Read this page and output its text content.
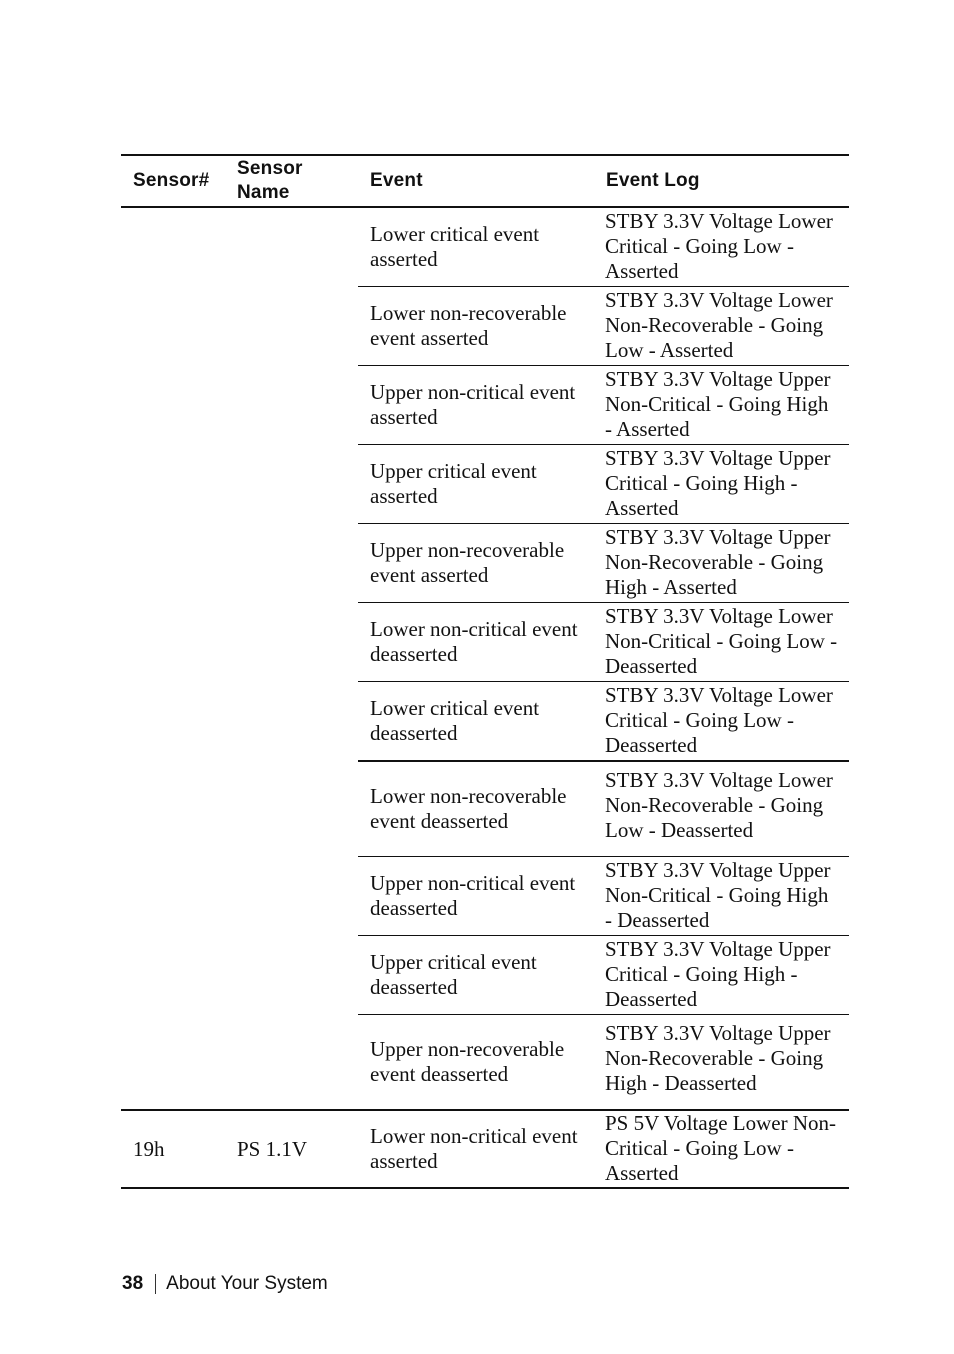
Sensor#	Sensor Name	Event	Event Log
		Lower critical event asserted	STBY 3.3V Voltage Lower Critical - Going Low - Asserted
		Lower non-recoverable event asserted	STBY 3.3V Voltage Lower Non-Recoverable - Going Low - Asserted
		Upper non-critical event asserted	STBY 3.3V Voltage Upper Non-Critical - Going High - Asserted
		Upper critical event asserted	STBY 3.3V Voltage Upper Critical - Going High - Asserted
		Upper non-recoverable event asserted	STBY 3.3V Voltage Upper Non-Recoverable - Going High - Asserted
		Lower non-critical event deasserted	STBY 3.3V Voltage Lower Non-Critical - Going Low - Deasserted
		Lower critical event deasserted	STBY 3.3V Voltage Lower Critical - Going Low - Deasserted
		Lower non-recoverable event deasserted	STBY 3.3V Voltage Lower Non-Recoverable - Going Low - Deasserted
		Upper non-critical event deasserted	STBY 3.3V Voltage Upper Non-Critical - Going High - Deasserted
		Upper critical event deasserted	STBY 3.3V Voltage Upper Critical - Going High - Deasserted
		Upper non-recoverable event deasserted	STBY 3.3V Voltage Upper Non-Recoverable - Going High - Deasserted
19h	PS 1.1V	Lower non-critical event asserted	PS 5V Voltage Lower Non-Critical - Going Low - Asserted
38 About Your System
